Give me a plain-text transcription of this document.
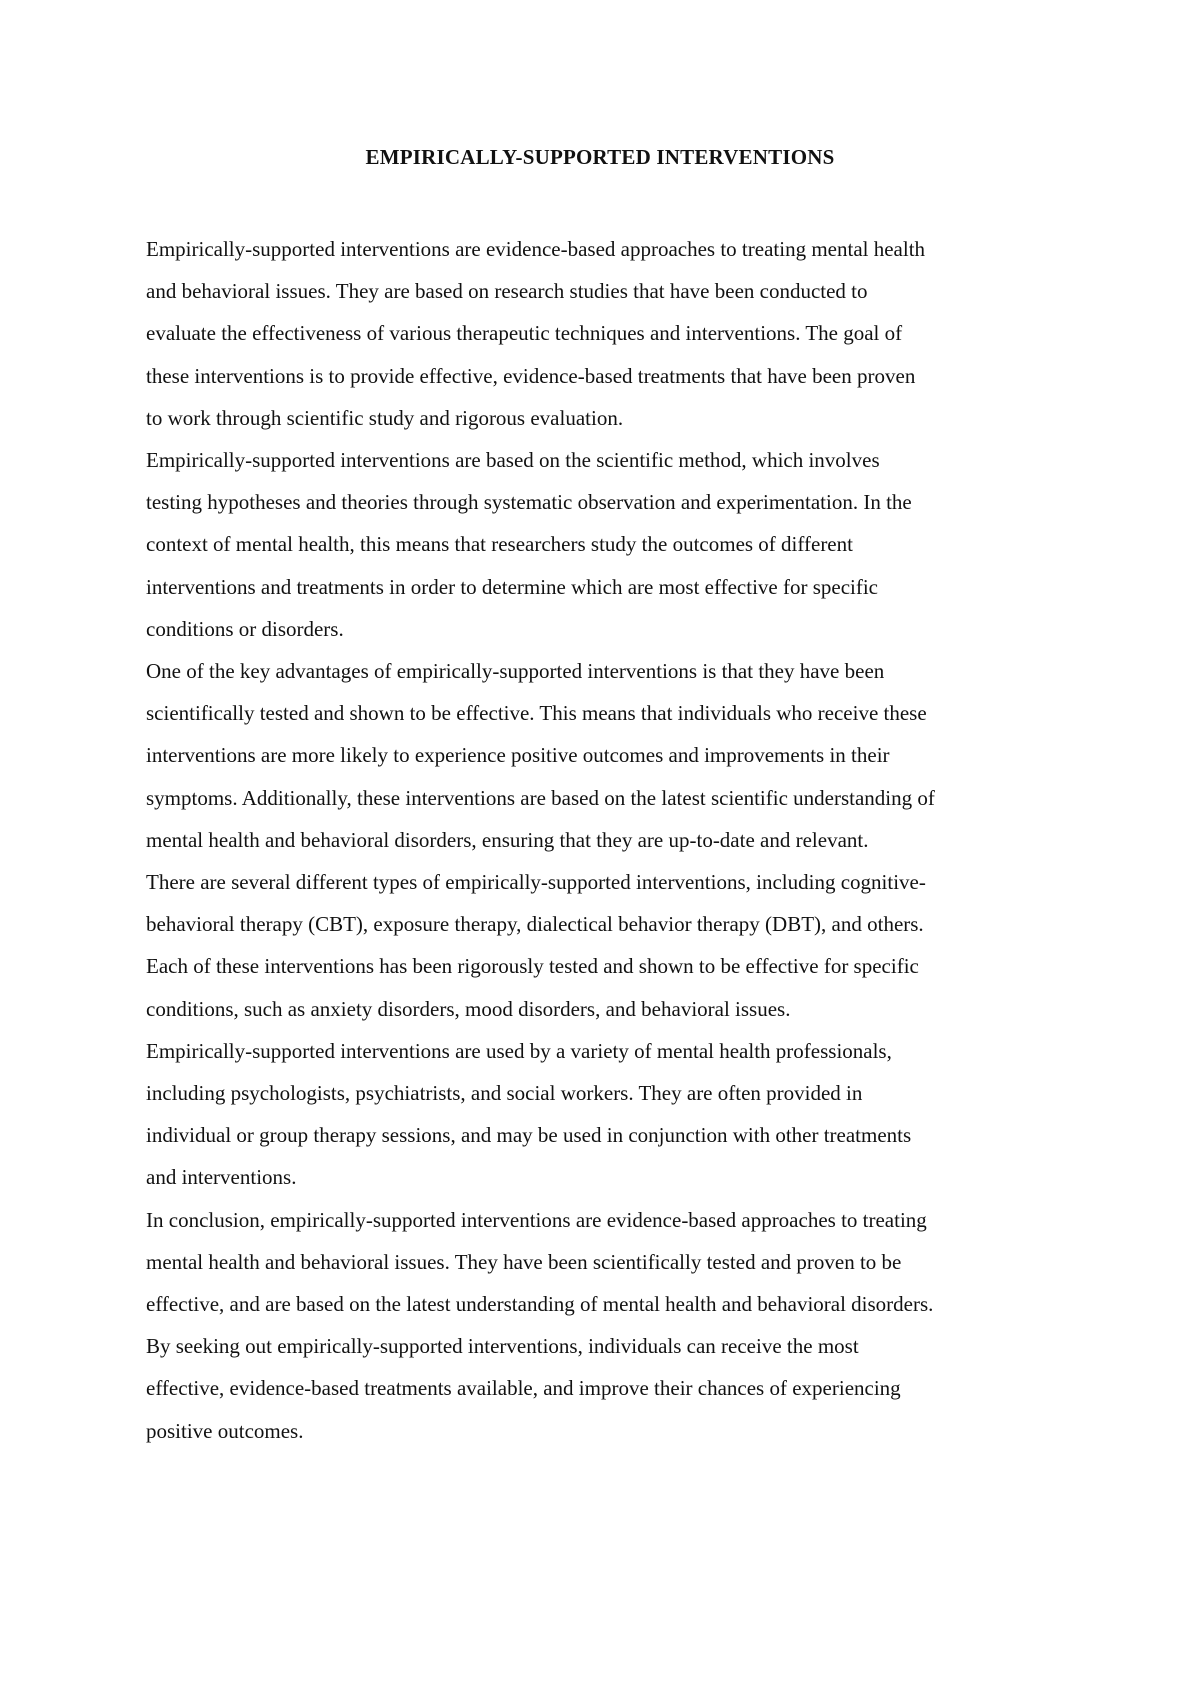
EMPIRICALLY-SUPPORTED INTERVENTIONS

Empirically-supported interventions are evidence-based approaches to treating mental health
and behavioral issues. They are based on research studies that have been conducted to
evaluate the effectiveness of various therapeutic techniques and interventions. The goal of
these interventions is to provide effective, evidence-based treatments that have been proven
to work through scientific study and rigorous evaluation.

Empirically-supported interventions are based on the scientific method, which involves
testing hypotheses and theories through systematic observation and experimentation. In the
context of mental health, this means that researchers study the outcomes of different
interventions and treatments in order to determine which are most effective for specific
conditions or disorders.

One of the key advantages of empirically-supported interventions is that they have been
scientifically tested and shown to be effective. This means that individuals who receive these
interventions are more likely to experience positive outcomes and improvements in their
symptoms. Additionally, these interventions are based on the latest scientific understanding of
mental health and behavioral disorders, ensuring that they are up-to-date and relevant.

There are several different types of empirically-supported interventions, including cognitive-
behavioral therapy (CBT), exposure therapy, dialectical behavior therapy (DBT), and others.
Each of these interventions has been rigorously tested and shown to be effective for specific
conditions, such as anxiety disorders, mood disorders, and behavioral issues.

Empirically-supported interventions are used by a variety of mental health professionals,
including psychologists, psychiatrists, and social workers. They are often provided in
individual or group therapy sessions, and may be used in conjunction with other treatments
and interventions.

In conclusion, empirically-supported interventions are evidence-based approaches to treating
mental health and behavioral issues. They have been scientifically tested and proven to be
effective, and are based on the latest understanding of mental health and behavioral disorders.
By seeking out empirically-supported interventions, individuals can receive the most
effective, evidence-based treatments available, and improve their chances of experiencing
positive outcomes.
